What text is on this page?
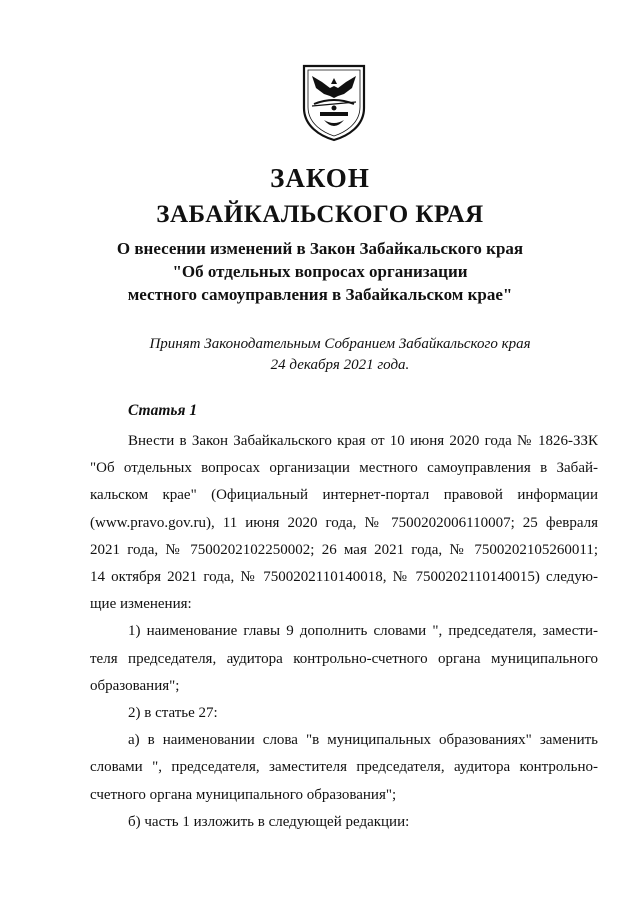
ЗАКОН
ЗАБАЙКАЛЬСКОГО КРАЯ
О внесении изменений в Закон Забайкальского края
"Об отдельных вопросах организации
местного самоуправления в Забайкальском крае"
Принят Законодательным Собранием Забайкальского края
24 декабря 2021 года.
Статья 1
Внести в Закон Забайкальского края от 10 июня 2020 года № 1826-ЗЗК
"Об отдельных вопросах организации местного самоуправления в Забай-
кальском крае" (Официальный интернет-портал правовой информации
(www.pravo.gov.ru), 11 июня 2020 года, № 7500202006110007; 25 февраля
2021 года, № 7500202102250002; 26 мая 2021 года, № 7500202105260011;
14 октября 2021 года, № 7500202110140018, № 7500202110140015) следую-
щие изменения:
1) наименование главы 9 дополнить словами ", председателя, замести-
теля председателя, аудитора контрольно-счетного органа муниципального
образования";
2) в статье 27:
а) в наименовании слова "в муниципальных образованиях" заменить
словами ", председателя, заместителя председателя, аудитора контрольно-
счетного органа муниципального образования";
б) часть 1 изложить в следующей редакции:
